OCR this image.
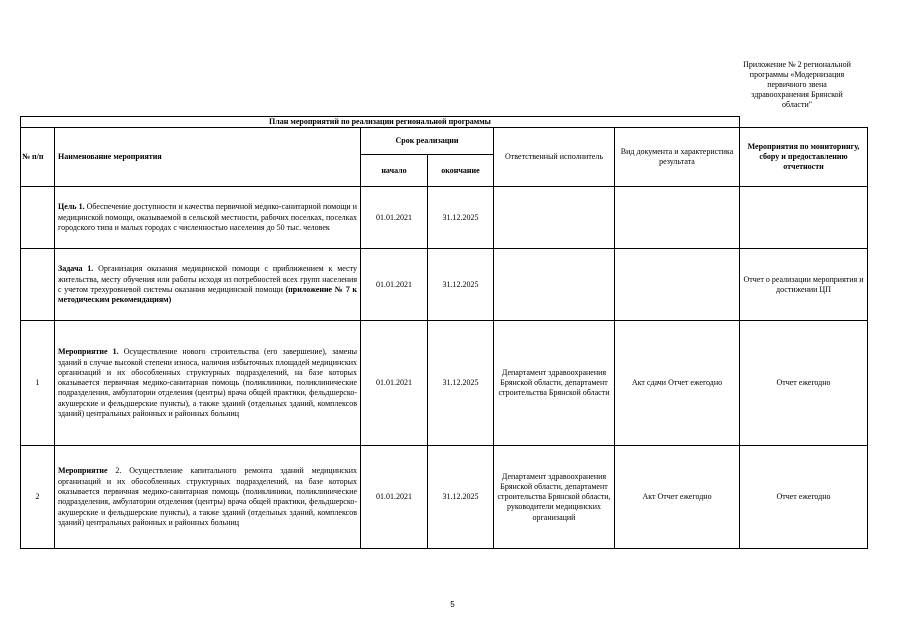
Приложение № 2 региональной
программы «Модернизация
первичного звена
здравоохранения Брянской
области"
План мероприятий по реализации региональной программы						
№ п/п	Наименование мероприятия	Срок реализации		Ответственный исполнитель	Вид документа и характеристика результата	Мероприятия по мониторингу, сбору и предоставлению отчетности
		начало	окончание			
	Цель 1. Обеспечение доступности и качества первичной медико-санитарной помощи и медицинской помощи, оказываемой в сельской местности, рабочих поселках, поселках городского типа и малых городах с численностью населения до 50 тыс. человек	01.01.2021	31.12.2025			
	Задача 1. Организация оказания медицинской помощи с приближением к месту жительства, месту обучения или работы исходя из потребностей всех групп населения с учетом трехуровневой системы оказания медицинской помощи (приложение № 7 к методическим рекомендациям)	01.01.2021	31.12.2025			Отчет о реализации мероприятия и достижении ЦП
1	Мероприятие 1. Осуществление нового строительства (его завершение), замены зданий в случае высокой степени износа, наличия избыточных площадей медицинских организаций и их обособленных структурных подразделений, на базе которых оказывается первичная медико-санитарная помощь (поликлиники, поликлинические подразделения, амбулатории отделения (центры) врача общей практики, фельдшерско-акушерские и фельдшерские пункты), а также зданий (отдельных зданий, комплексов зданий) центральных районных и районных больниц	01.01.2021	31.12.2025	Департамент здравоохранения Брянской области, департамент строительства Брянской области	Акт сдачи Отчет ежегодно	Отчет ежегодно
2	Мероприятие 2. Осуществление капитального ремонта зданий медицинских организаций и их обособленных структурных подразделений, на базе которых оказывается первичная медико-санитарная помощь (поликлиники, поликлинические подразделения, амбулатории отделения (центры) врача общей практики, фельдшерско-акушерские и фельдшерские пункты), а также зданий (отдельных зданий, комплексов зданий) центральных районных и районных больниц	01.01.2021	31.12.2025	Департамент здравоохранения Брянской области, департамент строительства Брянской области, руководители медицинских организаций	Акт Отчет ежегодно	Отчет ежегодно
5
